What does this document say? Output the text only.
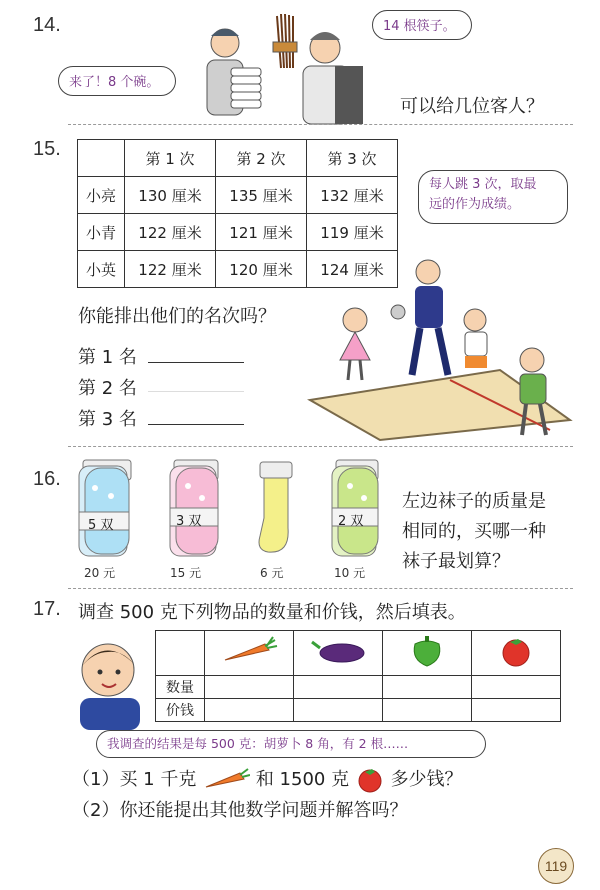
14.
来了！8 个碗。
14 根筷子。
可以给几位客人？
15.
		第 1 次	第 2 次	第 3 次
小亮	130 厘米	135 厘米	132 厘米
小青	122 厘米	121 厘米	119 厘米
小英	122 厘米	120 厘米	124 厘米
每人跳 3 次，取最
远的作为成绩。
你能排出他们的名次吗？
第 1 名
第 2 名
第 3 名
16.
5 双
20 元
3 双
15 元	6 元
2 双
10 元
左边袜子的质量是
相同的，买哪一种
袜子最划算？
17. 调查 500 克下列物品的数量和价钱，然后填表。

数量				
价钱				
我调查的结果是每 500 克：胡萝卜 8 角，有 2 根……
（1）买 1 千克	和 1500 克 多少钱？
（2）你还能提出其他数学问题并解答吗？
119
